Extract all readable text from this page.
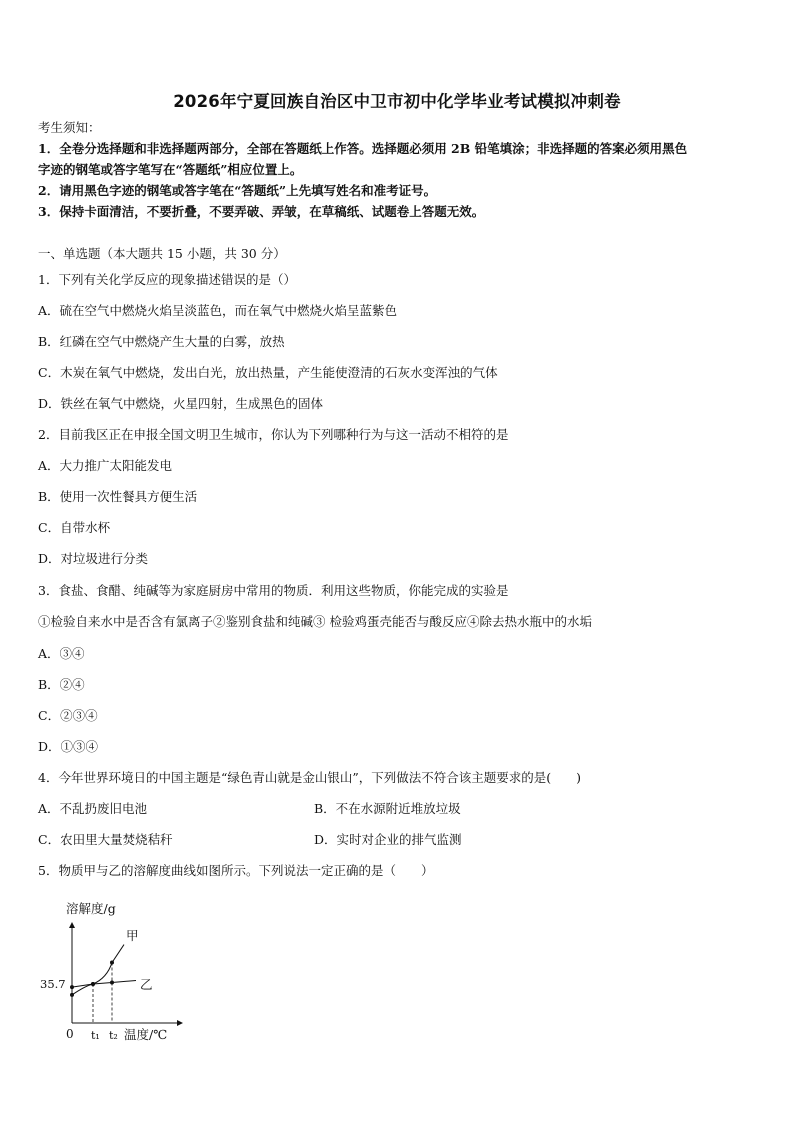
2026年宁夏回族自治区中卫市初中化学毕业考试模拟冲刺卷
考生须知：
1．全卷分选择题和非选择题两部分，全部在答题纸上作答。选择题必须用 2B 铅笔填涂；非选择题的答案必须用黑色
字迹的钢笔或答字笔写在“答题纸”相应位置上。
2．请用黑色字迹的钢笔或答字笔在“答题纸”上先填写姓名和准考证号。
3．保持卡面清洁，不要折叠，不要弄破、弄皱，在草稿纸、试题卷上答题无效。
一、单选题（本大题共 15 小题，共 30 分）
1．下列有关化学反应的现象描述错误的是（）
A．硫在空气中燃烧火焰呈淡蓝色，而在氧气中燃烧火焰呈蓝紫色
B．红磷在空气中燃烧产生大量的白雾，放热
C．木炭在氧气中燃烧，发出白光，放出热量，产生能使澄清的石灰水变浑浊的气体
D．铁丝在氧气中燃烧，火星四射，生成黑色的固体
2．目前我区正在申报全国文明卫生城市，你认为下列哪种行为与这一活动不相符的是
A．大力推广太阳能发电
B．使用一次性餐具方便生活
C．自带水杯
D．对垃圾进行分类
3．食盐、食醋、纯碱等为家庭厨房中常用的物质．利用这些物质，你能完成的实验是
①检验自来水中是否含有氯离子②鉴别食盐和纯碱③ 检验鸡蛋壳能否与酸反应④除去热水瓶中的水垢
A．③④
B．②④
C．②③④
D．①③④
4．今年世界环境日的中国主题是“绿色青山就是金山银山”，下列做法不符合该主题要求的是(　　)
A．不乱扔废旧电池	B．不在水源附近堆放垃圾
C．农田里大量焚烧秸秆	D．实时对企业的排气监测
5．物质甲与乙的溶解度曲线如图所示。下列说法一定正确的是（　　）
溶解度/g
温度/℃
0
35.7
t₁ t₂
甲
乙
